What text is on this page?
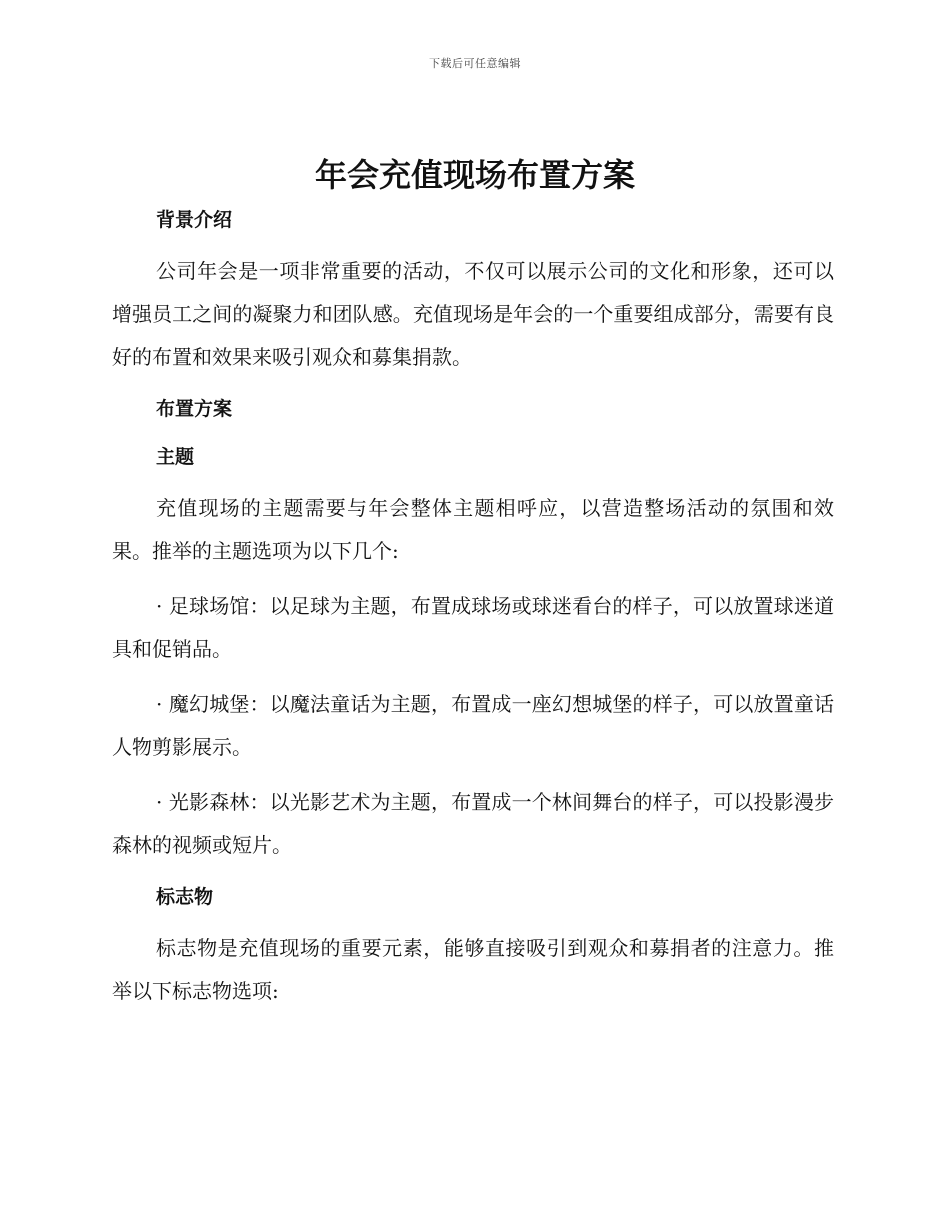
下载后可任意编辑
年会充值现场布置方案
背景介绍

公司年会是一项非常重要的活动，不仅可以展示公司的文化和形象，还可以增强员工之间的凝聚力和团队感。充值现场是年会的一个重要组成部分，需要有良好的布置和效果来吸引观众和募集捐款。

布置方案
主题

充值现场的主题需要与年会整体主题相呼应，以营造整场活动的氛围和效果。推举的主题选项为以下几个:

· 足球场馆：以足球为主题，布置成球场或球迷看台的样子，可以放置球迷道具和促销品。

· 魔幻城堡：以魔法童话为主题，布置成一座幻想城堡的样子，可以放置童话人物剪影展示。

· 光影森林：以光影艺术为主题，布置成一个林间舞台的样子，可以投影漫步森林的视频或短片。

标志物

标志物是充值现场的重要元素，能够直接吸引到观众和募捐者的注意力。推举以下标志物选项:
